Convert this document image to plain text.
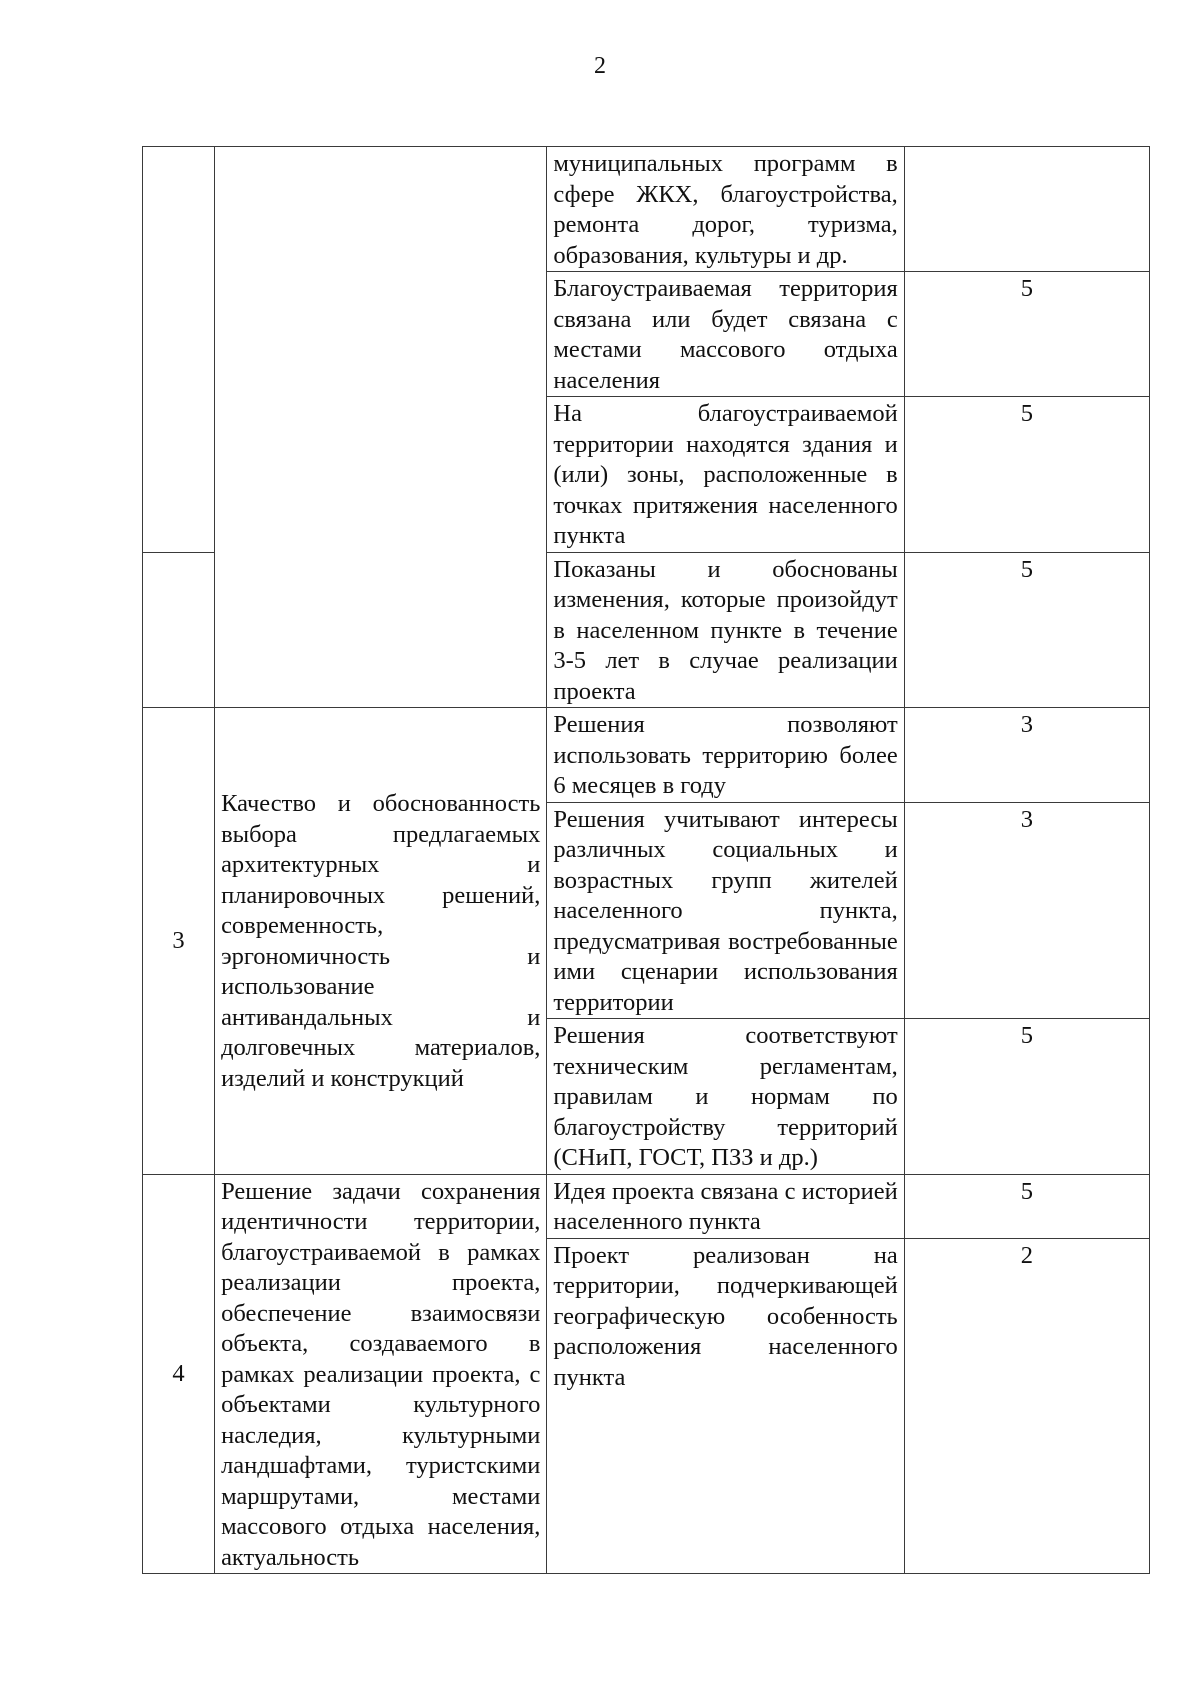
2

		муниципальных программ в сфере ЖКХ, благоустройства, ремонта дорог, туризма, образования, культуры и др.	

		Благоустраиваемая территория связана или будет связана с местами массового отдыха населения	5

		На благоустраиваемой территории находятся здания и (или) зоны, расположенные в точках притяжения населенного пункта	5

		Показаны и обоснованы изменения, которые произойдут в населенном пункте в течение 3-5 лет в случае реализации проекта	5

3	Качество и обоснованность выбора предлагаемых архитектурных и планировочных решений, современность, эргономичность и использование антивандальных и долговечных материалов, изделий и конструкций	Решения позволяют использовать территорию более 6 месяцев в году	3

		Решения учитывают интересы различных социальных и возрастных групп жителей населенного пункта, предусматривая востребованные ими сценарии использования территории	3

		Решения соответствуют техническим регламентам, правилам и нормам по благоустройству территорий (СНиП, ГОСТ, ПЗЗ и др.)	5

4	Решение задачи сохранения идентичности территории, благоустраиваемой в рамках реализации проекта, обеспечение взаимосвязи объекта, создаваемого в рамках реализации проекта, с объектами культурного наследия, культурными ландшафтами, туристскими маршрутами, местами массового отдыха населения, актуальность	Идея проекта связана с историей населенного пункта	5

		Проект реализован на территории, подчеркивающей географическую особенность расположения населенного пункта	2
